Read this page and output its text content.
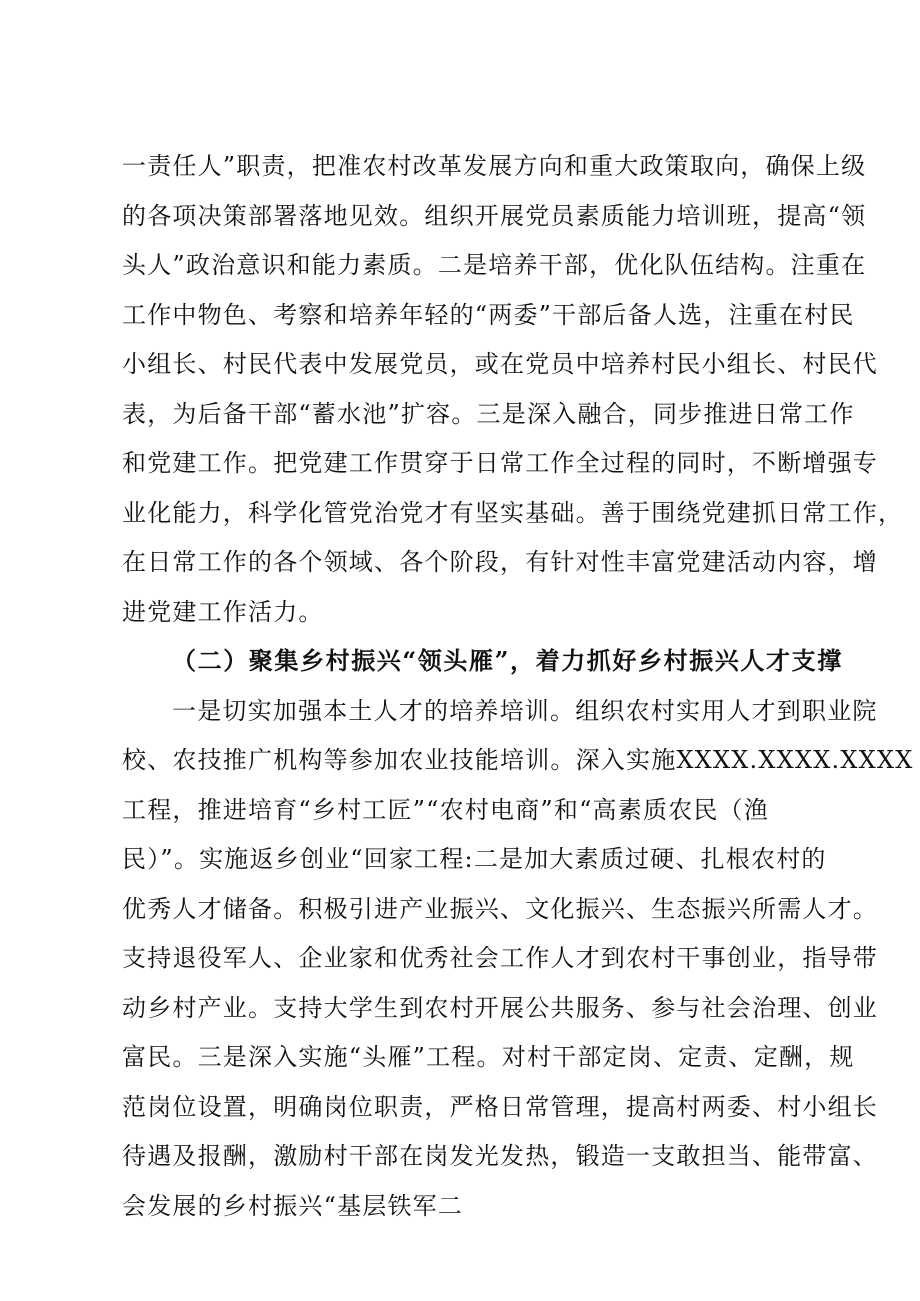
一责任人”职责，把准农村改革发展方向和重大政策取向，确保上级
的各项决策部署落地见效。组织开展党员素质能力培训班，提高“领
头人”政治意识和能力素质。二是培养干部，优化队伍结构。注重在
工作中物色、考察和培养年轻的“两委”干部后备人选，注重在村民
小组长、村民代表中发展党员，或在党员中培养村民小组长、村民代
表，为后备干部“蓄水池”扩容。三是深入融合，同步推进日常工作
和党建工作。把党建工作贯穿于日常工作全过程的同时，不断增强专
业化能力，科学化管党治党才有坚实基础。善于围绕党建抓日常工作，
在日常工作的各个领域、各个阶段，有针对性丰富党建活动内容，增
进党建工作活力。
（二）聚集乡村振兴“领头雁”，着力抓好乡村振兴人才支撑
一是切实加强本土人才的培养培训。组织农村实用人才到职业院
校、农技推广机构等参加农业技能培训。深入实施XXXX.XXXX.XXXX
工程，推进培育“乡村工匠”“农村电商”和“高素质农民（渔
民）”。实施返乡创业“回家工程:二是加大素质过硬、扎根农村的
优秀人才储备。积极引进产业振兴、文化振兴、生态振兴所需人才。
支持退役军人、企业家和优秀社会工作人才到农村干事创业，指导带
动乡村产业。支持大学生到农村开展公共服务、参与社会治理、创业
富民。三是深入实施“头雁”工程。对村干部定岗、定责、定酬，规
范岗位设置，明确岗位职责，严格日常管理，提高村两委、村小组长
待遇及报酬，激励村干部在岗发光发热，锻造一支敢担当、能带富、
会发展的乡村振兴“基层铁军二
